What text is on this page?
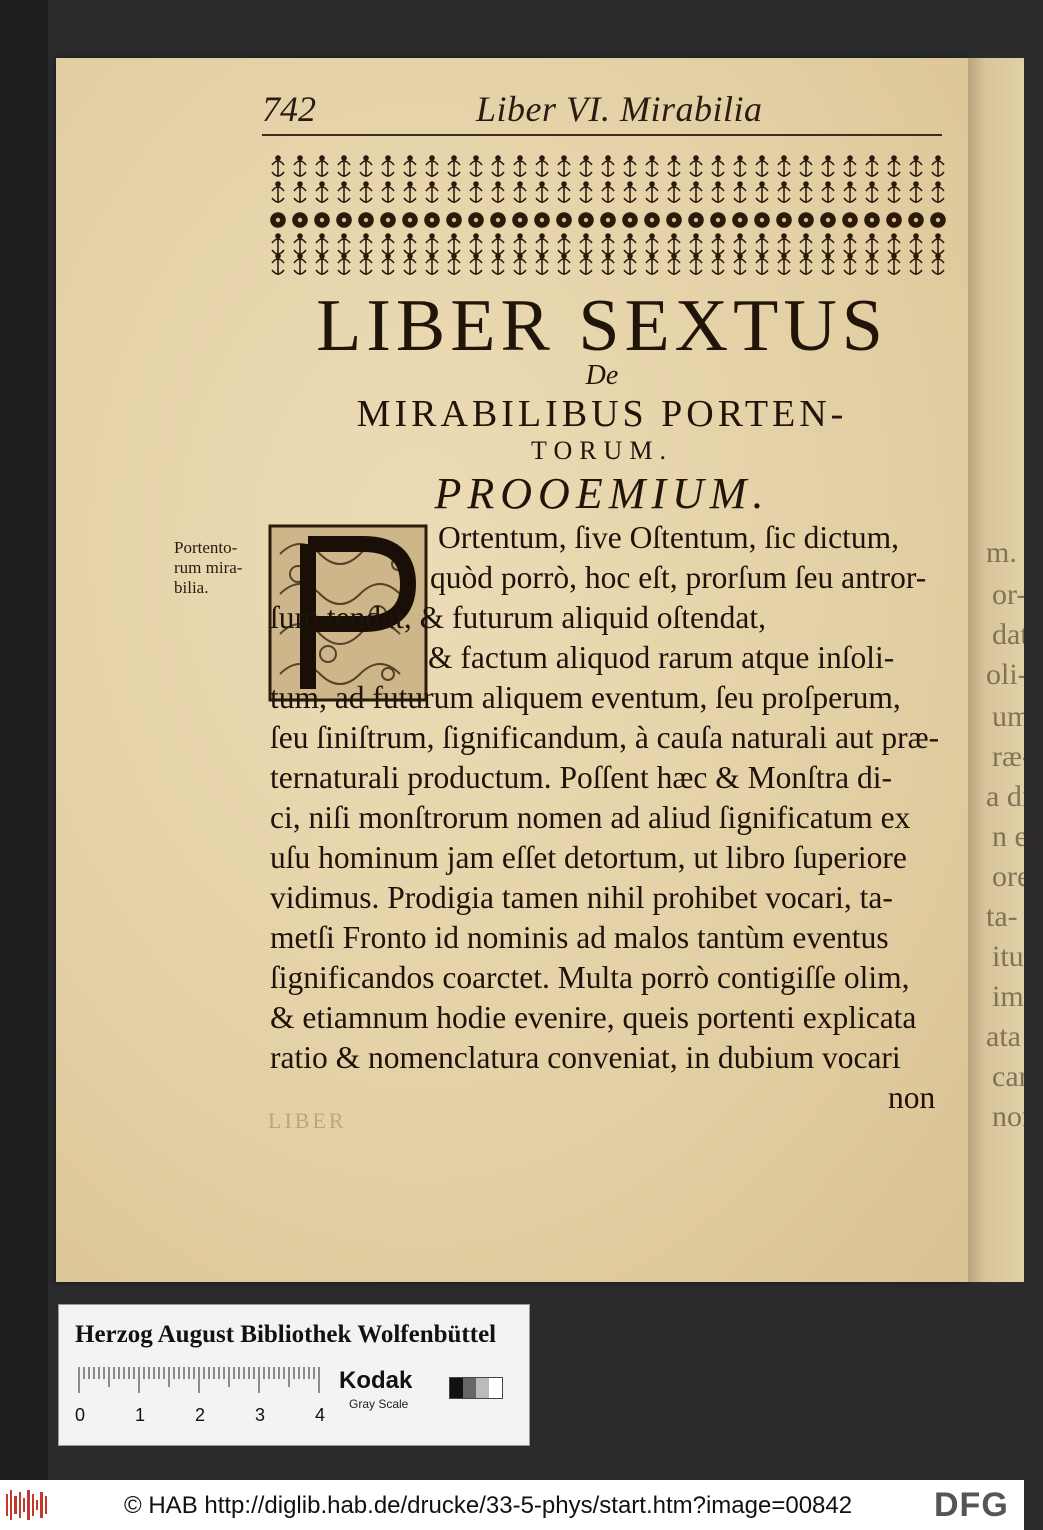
m.
or-
dat,
oli-
um,
ræ-
a di-
n ex
ore
ta-
itus
im,
ata
cari
non
742	Liber VI. Mirabilia
LIBER SEXTUS
De
MIRABILIBUS PORTEN-
TORUM.
PROOEMIUM.
Portento-
rum mira-
bilia.
Ortentum, ſive Oſtentum, ſic dictum,
quòd porrò, hoc eſt, prorſum ſeu antror-
ſum tendat, & futurum aliquid oſtendat,
& factum aliquod rarum atque inſoli-
tum, ad futurum aliquem eventum, ſeu proſperum,
ſeu ſiniſtrum, ſignificandum, à cauſa naturali aut præ-
ternaturali productum. Poſſent hæc & Monſtra di-
ci, niſi monſtrorum nomen ad aliud ſignificatum ex
uſu hominum jam eſſet detortum, ut libro ſuperiore
vidimus. Prodigia tamen nihil prohibet vocari, ta-
metſi Fronto id nominis ad malos tantùm eventus
ſignificandos coarctet. Multa porrò contigiſſe olim,
& etiamnum hodie evenire, queis portenti explicata
ratio & nomenclatura conveniat, in dubium vocari
non
LIBER
Herzog August Bibliothek Wolfenbüttel
0	1	2	3	4
Kodak
Gray Scale
© HAB http://diglib.hab.de/drucke/33-5-phys/start.htm?image=00842 DFG
